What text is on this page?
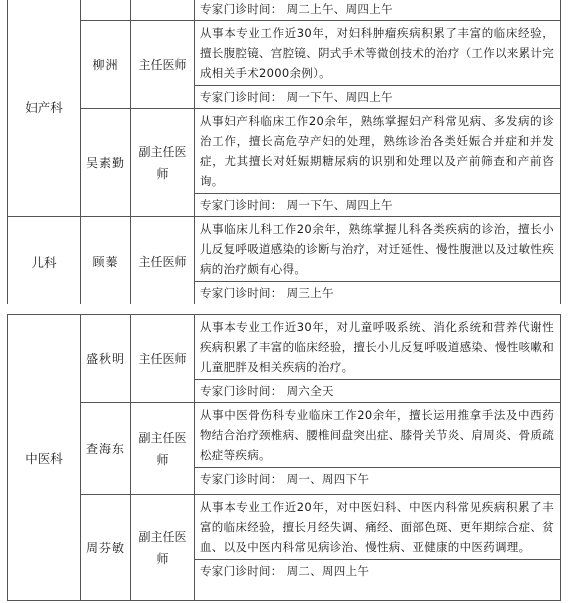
妇产科			专家门诊时间： 周二上午、周四上午

	柳洲	主任医师	从事本专业工作近30年，对妇科肿瘤疾病积累了丰富的临床经验，擅长腹腔镜、宫腔镜、阴式手术等微创技术的治疗（工作以来累计完成相关手术2000余例）。
专家门诊时间： 周一下午、周四上午

	吴素勤	副主任医师	从事妇产科临床工作20余年，熟练掌握妇产科常见病、多发病的诊治工作，擅长高危孕产妇的处理，熟练诊治各类妊娠合并症和并发症，尤其擅长对妊娠期糖尿病的识别和处理以及产前筛查和产前咨询。
专家门诊时间： 周一下午、周四上午

儿科	顾蓁	主任医师	从事临床儿科工作20余年，熟练掌握儿科各类疾病的诊治，擅长小儿反复呼吸道感染的诊断与治疗，对迁延性、慢性腹泄以及过敏性疾病的治疗颇有心得。
专家门诊时间： 周三上午
中医科	盛秋明	主任医师	从事本专业工作近30年，对儿童呼吸系统、消化系统和营养代谢性疾病积累了丰富的临床经验，擅长小儿反复呼吸道感染、慢性咳嗽和儿童肥胖及相关疾病的治疗。
专家门诊时间： 周六全天

	查海东	副主任医师	从事中医骨伤科专业临床工作20余年，擅长运用推拿手法及中西药物结合治疗颈椎病、腰椎间盘突出症、膝骨关节炎、肩周炎、骨质疏松症等疾病。
专家门诊时间： 周一、周四下午

	周芬敏	副主任医师	从事本专业工作近20年，对中医妇科、中医内科常见疾病积累了丰富的临床经验，擅长月经失调、痛经、面部色斑、更年期综合症、贫血、以及中医内科常见病诊治、慢性病、亚健康的中医药调理。
专家门诊时间： 周二、周四上午
